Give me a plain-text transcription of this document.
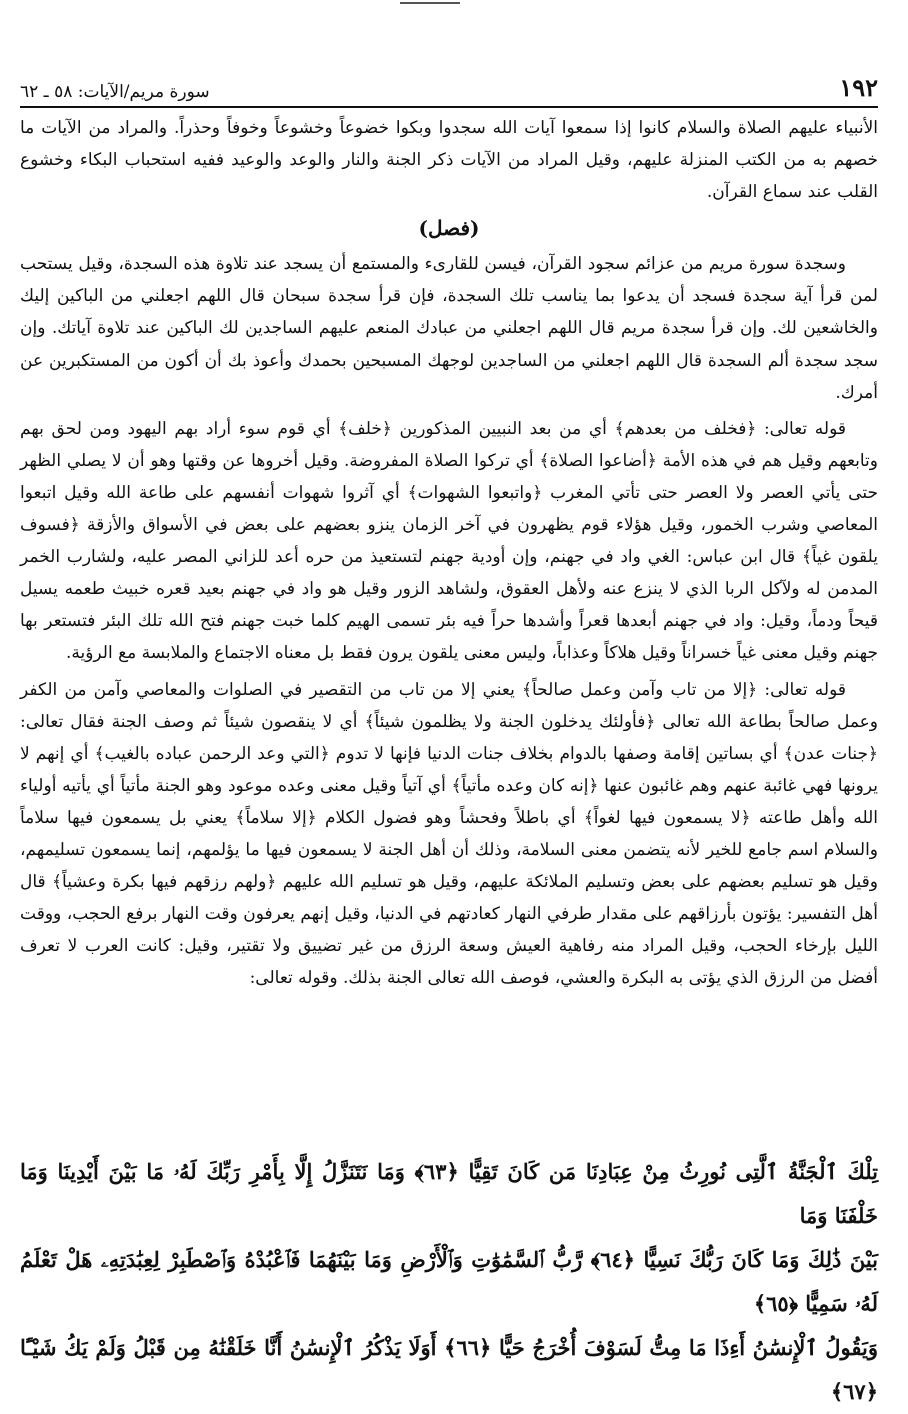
١٩٢
سورة مريم/الآيات: ٥٨ ـ ٦٢

الأنبياء عليهم الصلاة والسلام كانوا إذا سمعوا آيات الله سجدوا وبكوا خضوعاً وخشوعاً وخوفاً وحذراً. والمراد من الآيات ما خصهم به من الكتب المنزلة عليهم، وقيل المراد من الآيات ذكر الجنة والنار والوعد والوعيد ففيه استحباب البكاء وخشوع القلب عند سماع القرآن.

(فصل)

وسجدة سورة مريم من عزائم سجود القرآن، فيسن للقارىء والمستمع أن يسجد عند تلاوة هذه السجدة، وقيل يستحب لمن قرأ آية سجدة فسجد أن يدعوا بما يناسب تلك السجدة، فإن قرأ سجدة سبحان قال اللهم اجعلني من الباكين إليك والخاشعين لك. وإن قرأ سجدة مريم قال اللهم اجعلني من عبادك المنعم عليهم الساجدين لك الباكين عند تلاوة آياتك. وإن سجد سجدة ألم السجدة قال اللهم اجعلني من الساجدين لوجهك المسبحين بحمدك وأعوذ بك أن أكون من المستكبرين عن أمرك.

قوله تعالى: ﴿فخلف من بعدهم﴾ أي من بعد النبيين المذكورين ﴿خلف﴾ أي قوم سوء أراد بهم اليهود ومن لحق بهم وتابعهم وقيل هم في هذه الأمة ﴿أضاعوا الصلاة﴾ أي تركوا الصلاة المفروضة. وقيل أخروها عن وقتها وهو أن لا يصلي الظهر حتى يأتي العصر ولا العصر حتى تأتي المغرب ﴿واتبعوا الشهوات﴾ أي آثروا شهوات أنفسهم على طاعة الله وقيل اتبعوا المعاصي وشرب الخمور، وقيل هؤلاء قوم يظهرون في آخر الزمان ينزو بعضهم على بعض في الأسواق والأزقة ﴿فسوف يلقون غياً﴾ قال ابن عباس: الغي واد في جهنم، وإن أودية جهنم لتستعيذ من حره أعد للزاني المصر عليه، ولشارب الخمر المدمن له ولآكل الربا الذي لا ينزع عنه ولأهل العقوق، ولشاهد الزور وقيل هو واد في جهنم بعيد قعره خبيث طعمه يسيل قيحاً ودماً، وقيل: واد في جهنم أبعدها قعراً وأشدها حراً فيه بئر تسمى الهيم كلما خبت جهنم فتح الله تلك البئر فتستعر بها جهنم وقيل معنى غياً خسراناً وقيل هلاكاً وعذاباً، وليس معنى يلقون يرون فقط بل معناه الاجتماع والملابسة مع الرؤية.

قوله تعالى: ﴿إلا من تاب وآمن وعمل صالحاً﴾ يعني إلا من تاب من التقصير في الصلوات والمعاصي وآمن من الكفر وعمل صالحاً بطاعة الله تعالى ﴿فأولئك يدخلون الجنة ولا يظلمون شيئاً﴾ أي لا ينقصون شيئاً ثم وصف الجنة فقال تعالى: ﴿جنات عدن﴾ أي بساتين إقامة وصفها بالدوام بخلاف جنات الدنيا فإنها لا تدوم ﴿التي وعد الرحمن عباده بالغيب﴾ أي إنهم لا يرونها فهي غائبة عنهم وهم غائبون عنها ﴿إنه كان وعده مأتياً﴾ أي آتياً وقيل معنى وعده موعود وهو الجنة مأتياً أي يأتيه أولياء الله وأهل طاعته ﴿لا يسمعون فيها لغواً﴾ أي باطلاً وفحشاً وهو فضول الكلام ﴿إلا سلاماً﴾ يعني بل يسمعون فيها سلاماً والسلام اسم جامع للخير لأنه يتضمن معنى السلامة، وذلك أن أهل الجنة لا يسمعون فيها ما يؤلمهم، إنما يسمعون تسليمهم، وقيل هو تسليم بعضهم على بعض وتسليم الملائكة عليهم، وقيل هو تسليم الله عليهم ﴿ولهم رزقهم فيها بكرة وعشياً﴾ قال أهل التفسير: يؤتون بأرزاقهم على مقدار طرفي النهار كعادتهم في الدنيا، وقيل إنهم يعرفون وقت النهار برفع الحجب، ووقت الليل بإرخاء الحجب، وقيل المراد منه رفاهية العيش وسعة الرزق من غير تضييق ولا تقتير، وقيل: كانت العرب لا تعرف أفضل من الرزق الذي يؤتى به البكرة والعشي، فوصف الله تعالى الجنة بذلك. وقوله تعالى:

تِلْكَ ٱلْجَنَّةُ ٱلَّتِى نُورِثُ مِنْ عِبَادِنَا مَن كَانَ تَقِيًّا ﴿٦٣﴾ وَمَا نَتَنَزَّلُ إِلَّا بِأَمْرِ رَبِّكَ لَهُۥ مَا بَيْنَ أَيْدِينَا وَمَا خَلْفَنَا وَمَا

بَيْنَ ذَٰلِكَ وَمَا كَانَ رَبُّكَ نَسِيًّا ﴿٦٤﴾ رَّبُّ ٱلسَّمَٰوَٰتِ وَٱلْأَرْضِ وَمَا بَيْنَهُمَا فَٱعْبُدْهُ وَٱصْطَبِرْ لِعِبَٰدَتِهِۦ هَلْ تَعْلَمُ لَهُۥ سَمِيًّا ﴿٦٥﴾

وَيَقُولُ ٱلْإِنسَٰنُ أَءِذَا مَا مِتُّ لَسَوْفَ أُخْرَجُ حَيًّا ﴿٦٦﴾ أَوَلَا يَذْكُرُ ٱلْإِنسَٰنُ أَنَّا خَلَقْنَٰهُ مِن قَبْلُ وَلَمْ يَكُ شَيْـًٔا ﴿٦٧﴾
